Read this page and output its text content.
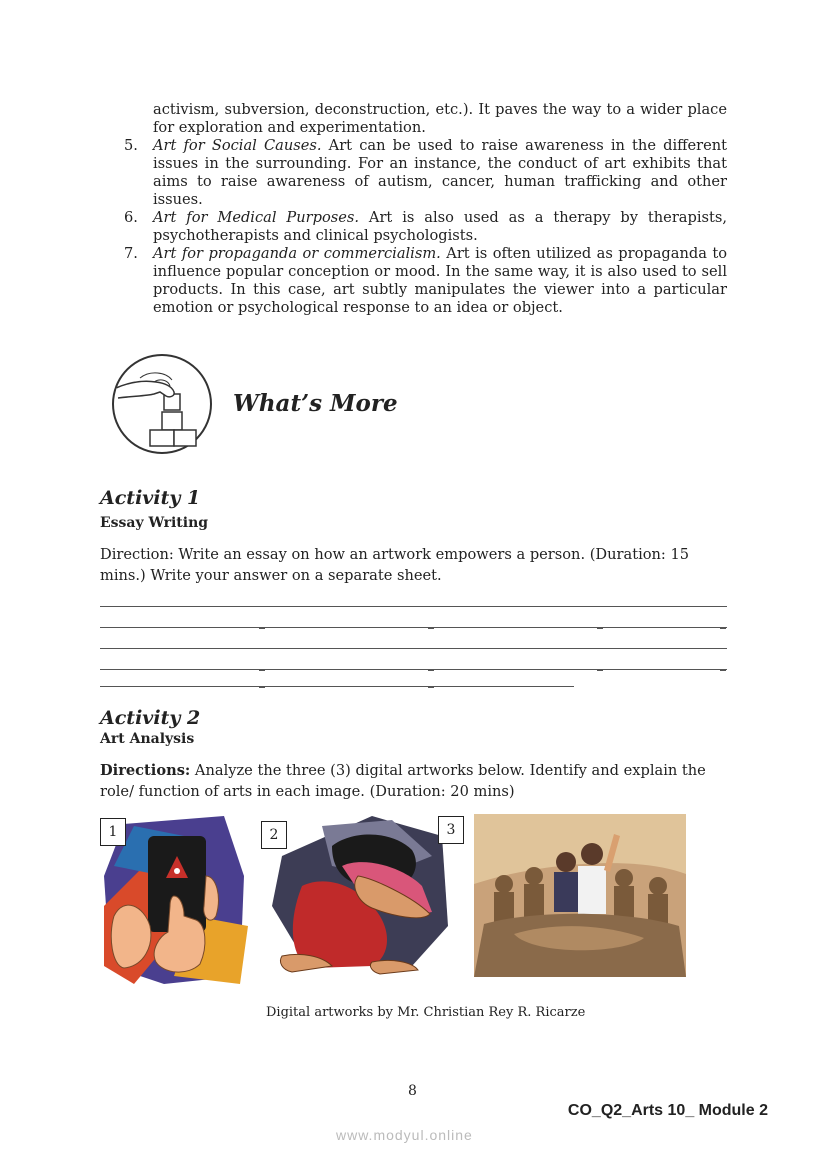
activism, subversion, deconstruction, etc.). It paves the way to a wider place for exploration and experimentation.
5. Art for Social Causes. Art can be used to raise awareness in the different issues in the surrounding. For an instance, the conduct of art exhibits that aims to raise awareness of autism, cancer, human trafficking and other issues.
6. Art for Medical Purposes. Art is also used as a therapy by therapists, psychotherapists and clinical psychologists.
7. Art for propaganda or commercialism. Art is often utilized as propaganda to influence popular conception or mood. In the same way, it is also used to sell products. In this case, art subtly manipulates the viewer into a particular emotion or psychological response to an idea or object.
What’s More
Activity 1
Essay Writing
Direction: Write an essay on how an artwork empowers a person. (Duration: 15 mins.) Write your answer on a separate sheet.
Activity 2
Art Analysis
Directions: Analyze the three (3) digital artworks below. Identify and explain the role/ function of arts in each image. (Duration: 20 mins)
1	2	3
Digital artworks by Mr. Christian Rey R. Ricarze
8
CO_Q2_Arts 10_ Module 2
www.modyul.online
